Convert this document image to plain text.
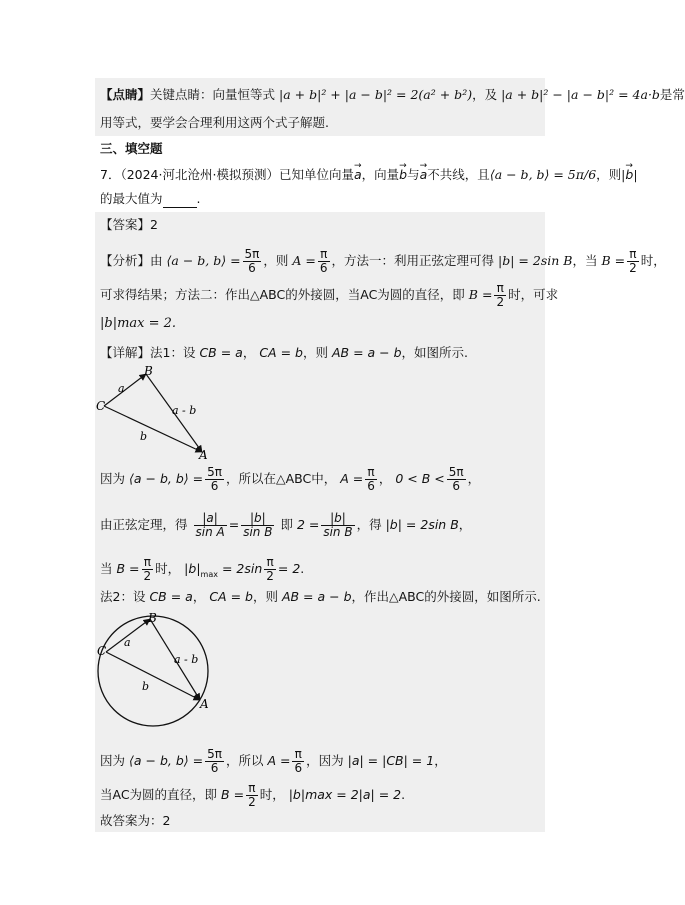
【点睛】关键点睛：向量恒等式 |a + b|² + |a − b|² = 2(a² + b²)，及 |a + b|² − |a − b|² = 4a·b是常
用等式，要学会合理利用这两个式子解题.
三、填空题
7．（2024·河北沧州·模拟预测）已知单位向量→ a，向量→ b与→ a不共线，且⟨a − b, b⟩ = 5π/6，则|→ b|
的最大值为	.
【答案】2
【分析】由 ⟨a − b, b⟩ = $\frac{5\pi}{6}$ ，则 $A = \frac{\pi}{6}$ ，方法一：利用正弦定理可得 |b| = 2sin B，当 $B = \frac{\pi}{2}$ 时，
可求得结果；方法二：作出△ABC的外接圆，当AC为圆的直径，即 $B = \frac{\pi}{2}$ 时，可求
|b|max = 2.
【详解】法1：设 CB = a， CA = b，则 AB = a − b，如图所示.
B
C
A
a
a - b
b
因为 ⟨a − b, b⟩ = $\frac{5\pi}{6}$ ，所以在△ABC中， $A = \frac{\pi}{6}$ ， $0 < B < \frac{5\pi}{6}$ ，
由正弦定理，得 $\frac{|a|}{\text{sin A}} = \frac{|b|}{\text{sin B}}$ 即 $2 = \frac{|b|}{\text{sin B}}$ ，得 |b| = 2sin B，
当 $B = \frac{\pi}{2}$ 时， $|b|_{max} = 2\sin \frac{\pi}{2} = 2$.
法2：设 CB = a， CA = b，则 AB = a − b，作出△ABC的外接圆，如图所示.
B
C
A
a
a - b
b
因为 ⟨a − b, b⟩ = $\frac{5\pi}{6}$ ，所以 $A = \frac{\pi}{6}$ ，因为 |a| = |CB| = 1，
当AC为圆的直径，即 $B = \frac{\pi}{2}$ 时， |b|max = 2|a| = 2.
故答案为：2
